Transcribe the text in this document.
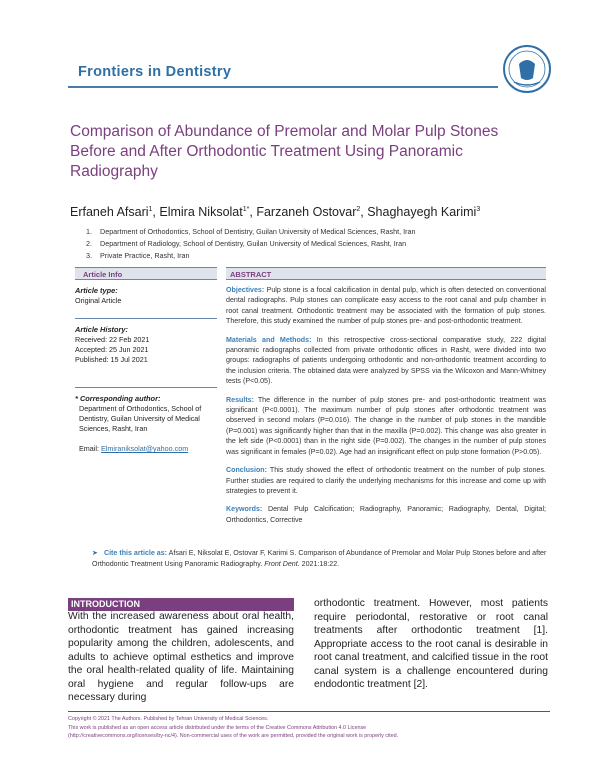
Frontiers in Dentistry
Comparison of Abundance of Premolar and Molar Pulp Stones Before and After Orthodontic Treatment Using Panoramic Radiography
Erfaneh Afsari$^1$, Elmira Niksolat$^{1*}$, Farzaneh Ostovar$^2$, Shaghayegh Karimi$^3$
1.	Department of Orthodontics, School of Dentistry, Guilan University of Medical Sciences, Rasht, Iran
2.	Department of Radiology, School of Dentistry, Guilan University of Medical Sciences, Rasht, Iran
3.	Private Practice, Rasht, Iran
Article Info
Article type:
Original Article
Article History:
Received: 22 Feb 2021
Accepted: 25 Jun 2021
Published: 15 Jul 2021
* Corresponding author:
Department of Orthodontics, School of Dentistry, Guilan University of Medical Sciences, Rasht, Iran
Email: Elmiraniksolat@yahoo.com
ABSTRACT

Objectives: Pulp stone is a focal calcification in dental pulp, which is often detected on conventional dental radiographs. Pulp stones can complicate easy access to the root canal and pulp chamber in root canal treatment. Orthodontic treatment may be associated with the formation of pulp stones. Therefore, this study examined the number of pulp stones pre- and post-orthodontic treatment.

Materials and Methods: In this retrospective cross-sectional comparative study, 222 digital panoramic radiographs collected from private orthodontic offices in Rasht, were divided into two groups: radiographs of patients undergoing orthodontic and non-orthodontic treatment according to the inclusion criteria. The obtained data were analyzed by SPSS via the Wilcoxon and Mann-Whitney tests (P<0.05).

Results: The difference in the number of pulp stones pre- and post-orthodontic treatment was significant (P<0.0001). The maximum number of pulp stones after orthodontic treatment was observed in second molars (P=0.016). The change in the number of pulp stones in the mandible (P=0.001) was significantly higher than that in the maxilla (P=0.002). This change was also greater in the left side (P<0.0001) than in the right side (P=0.002). The changes in the number of pulp stones was significant in females (P=0.02). Age had an insignificant effect on pulp stone formation (P>0.05).

Conclusion: This study showed the effect of orthodontic treatment on the number of pulp stones. Further studies are required to clarify the underlying mechanisms for this increase and come up with strategies to prevent it.

Keywords: Dental Pulp Calcification; Radiography, Panoramic; Radiography, Dental, Digital; Orthodontics, Corrective

➤ Cite this article as: Afsari E, Niksolat E, Ostovar F, Karimi S. Comparison of Abundance of Premolar and Molar Pulp Stones before and after Orthodontic Treatment Using Panoramic Radiography. Front Dent. 2021:18:22.
INTRODUCTION
With the increased awareness about oral health, orthodontic treatment has gained increasing popularity among the children, adolescents, and adults to achieve optimal esthetics and improve the oral health-related quality of life. Maintaining oral hygiene and regular follow-ups are necessary during
orthodontic treatment. However, most patients require periodontal, restorative or root canal treatments after orthodontic treatment [1]. Appropriate access to the root canal is desirable in root canal treatment, and calcified tissue in the root canal system is a challenge encountered during endodontic treatment [2].
Copyright © 2021 The Authors. Published by Tehran University of Medical Sciences.
This work is published as an open access article distributed under the terms of the Creative Commons Attribution 4.0 License
(http://creativecommons.org/licenses/by-nc/4). Non-commercial uses of the work are permitted, provided the original work is properly cited.
